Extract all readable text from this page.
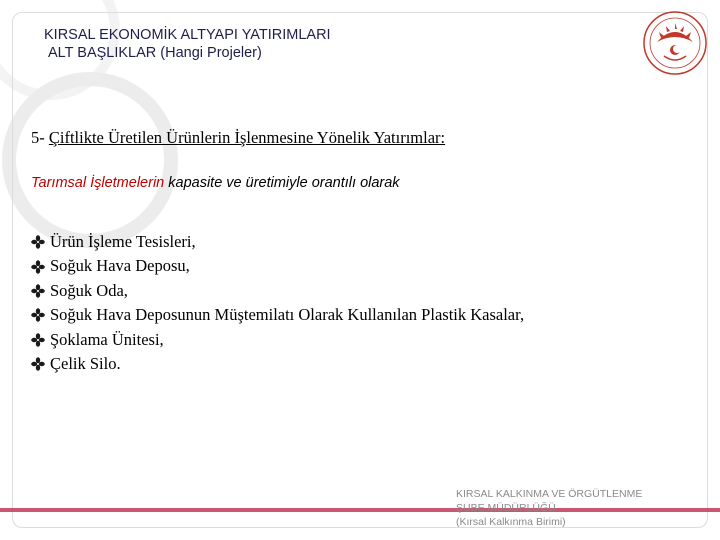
KIRSAL EKONOMİK ALTYAPI YATIRIMLARI
ALT BAŞLIKLAR (Hangi Projeler)
5- Çiftlikte Üretilen Ürünlerin İşlenmesine Yönelik Yatırımlar:
Tarımsal İşletmelerin kapasite ve üretimiyle orantılı olarak
Ürün İşleme Tesisleri,
Soğuk Hava Deposu,
Soğuk Oda,
Soğuk Hava Deposunun Müştemilatı Olarak Kullanılan Plastik Kasalar,
Şoklama Ünitesi,
Çelik Silo.
KIRSAL KALKINMA VE ÖRGÜTLENME
ŞUBE MÜDÜRLÜĞÜ
(Kırsal Kalkınma Birimi)
